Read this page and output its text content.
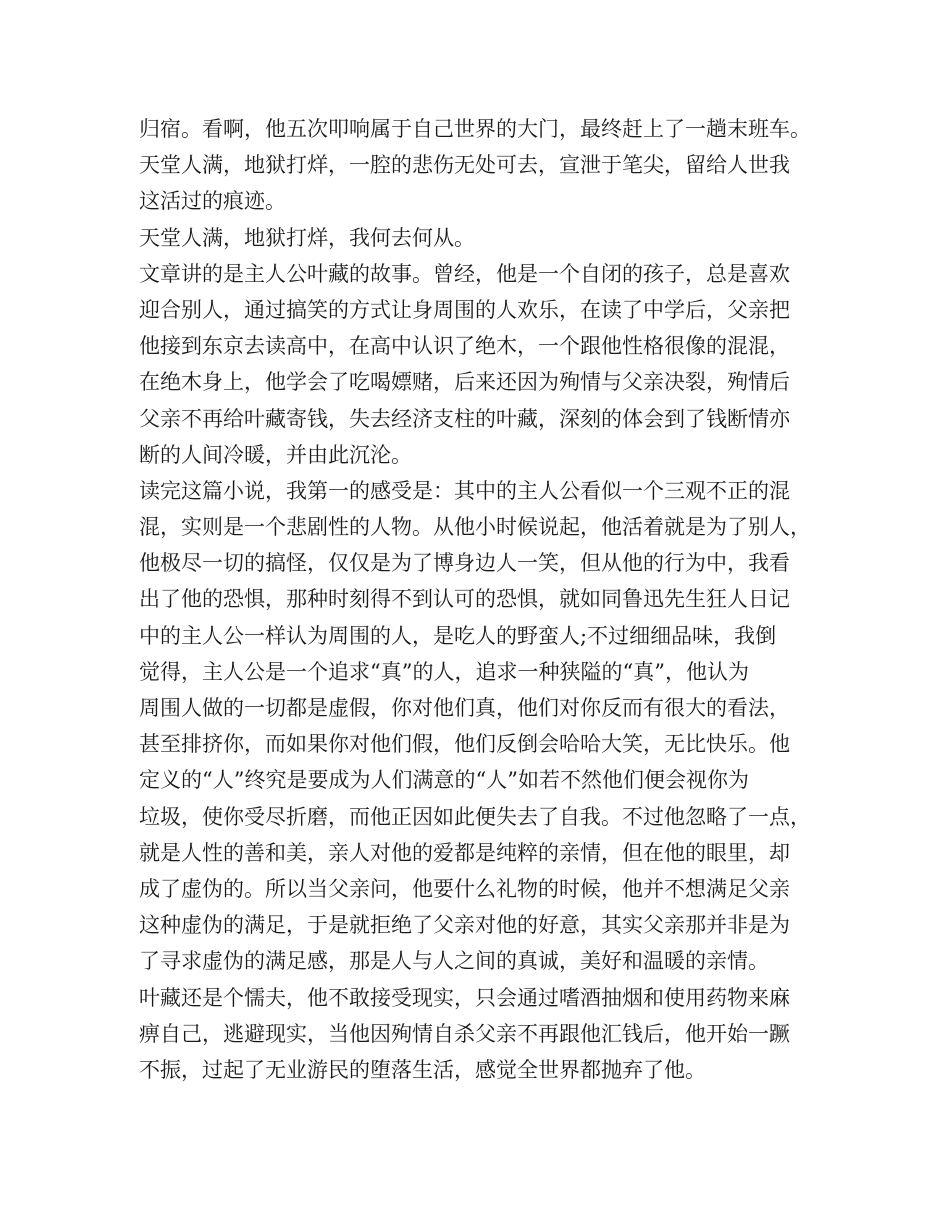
归宿。看啊，他五次叩响属于自己世界的大门，最终赶上了一趟末班车。
天堂人满，地狱打烊，一腔的悲伤无处可去，宣泄于笔尖，留给人世我
这活过的痕迹。
天堂人满，地狱打烊，我何去何从。
文章讲的是主人公叶藏的故事。曾经，他是一个自闭的孩子，总是喜欢
迎合别人，通过搞笑的方式让身周围的人欢乐，在读了中学后，父亲把
他接到东京去读高中，在高中认识了绝木，一个跟他性格很像的混混，
在绝木身上，他学会了吃喝嫖赌，后来还因为殉情与父亲决裂，殉情后
父亲不再给叶藏寄钱，失去经济支柱的叶藏，深刻的体会到了钱断情亦
断的人间冷暖，并由此沉沦。
读完这篇小说，我第一的感受是：其中的主人公看似一个三观不正的混
混，实则是一个悲剧性的人物。从他小时候说起，他活着就是为了别人，
他极尽一切的搞怪，仅仅是为了博身边人一笑，但从他的行为中，我看
出了他的恐惧，那种时刻得不到认可的恐惧，就如同鲁迅先生狂人日记
中的主人公一样认为周围的人，是吃人的野蛮人;不过细细品味，我倒
觉得，主人公是一个追求“真”的人，追求一种狭隘的“真”，他认为
周围人做的一切都是虚假，你对他们真，他们对你反而有很大的看法，
甚至排挤你，而如果你对他们假，他们反倒会哈哈大笑，无比快乐。他
定义的“人”终究是要成为人们满意的“人”如若不然他们便会视你为
垃圾，使你受尽折磨，而他正因如此便失去了自我。不过他忽略了一点，
就是人性的善和美，亲人对他的爱都是纯粹的亲情，但在他的眼里，却
成了虚伪的。所以当父亲问，他要什么礼物的时候，他并不想满足父亲
这种虚伪的满足，于是就拒绝了父亲对他的好意，其实父亲那并非是为
了寻求虚伪的满足感，那是人与人之间的真诚，美好和温暖的亲情。
叶藏还是个懦夫，他不敢接受现实，只会通过嗜酒抽烟和使用药物来麻
痹自己，逃避现实，当他因殉情自杀父亲不再跟他汇钱后，他开始一蹶
不振，过起了无业游民的堕落生活，感觉全世界都抛弃了他。
